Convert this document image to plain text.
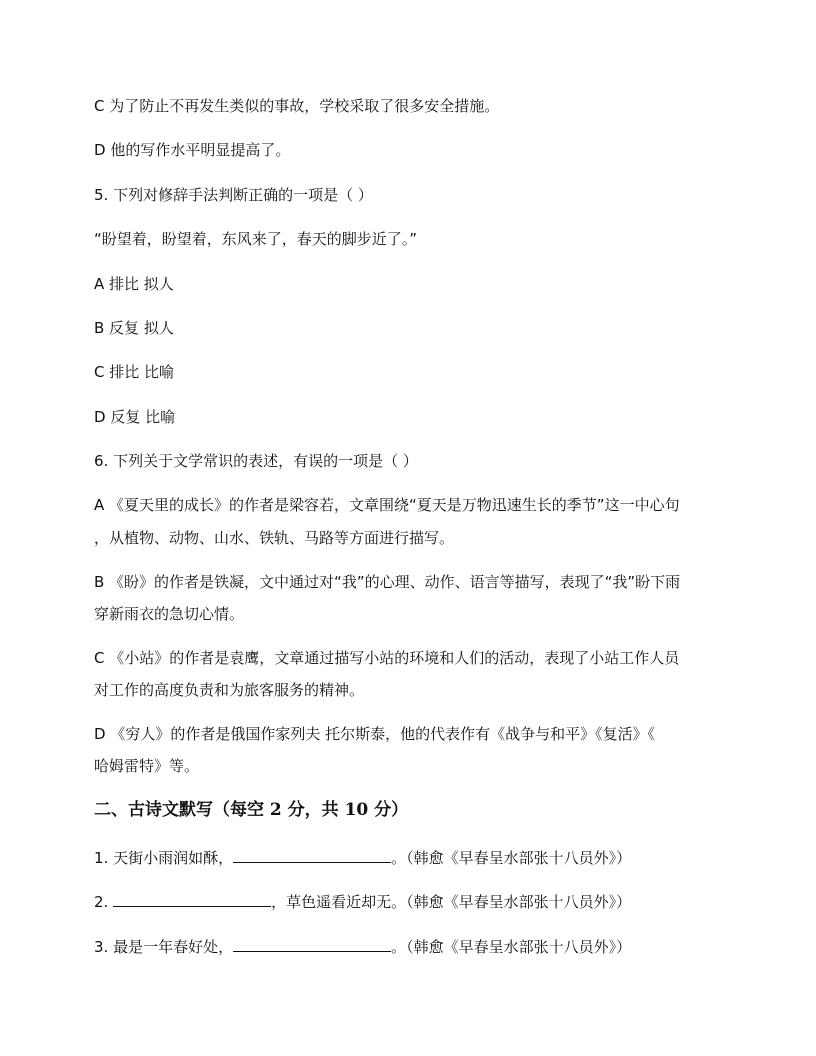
C 为了防止不再发生类似的事故，学校采取了很多安全措施。
D 他的写作水平明显提高了。
5. 下列对修辞手法判断正确的一项是（ ）
“盼望着，盼望着，东风来了，春天的脚步近了。”
A 排比 拟人
B 反复 拟人
C 排比 比喻
D 反复 比喻
6. 下列关于文学常识的表述，有误的一项是（ ）
A 《夏天里的成长》的作者是梁容若，文章围绕“夏天是万物迅速生长的季节”这一中心句
，从植物、动物、山水、铁轨、马路等方面进行描写。
B 《盼》的作者是铁凝，文中通过对“我”的心理、动作、语言等描写，表现了“我”盼下雨
穿新雨衣的急切心情。
C 《小站》的作者是袁鹰，文章通过描写小站的环境和人们的活动，表现了小站工作人员
对工作的高度负责和为旅客服务的精神。
D 《穷人》的作者是俄国作家列夫 托尔斯泰，他的代表作有《战争与和平》《复活》《
哈姆雷特》等。
二、古诗文默写（每空 2 分，共 10 分）
1. 天街小雨润如酥，	。（韩愈《早春呈水部张十八员外》）
2.	，草色遥看近却无。（韩愈《早春呈水部张十八员外》）
3. 最是一年春好处，	。（韩愈《早春呈水部张十八员外》）
